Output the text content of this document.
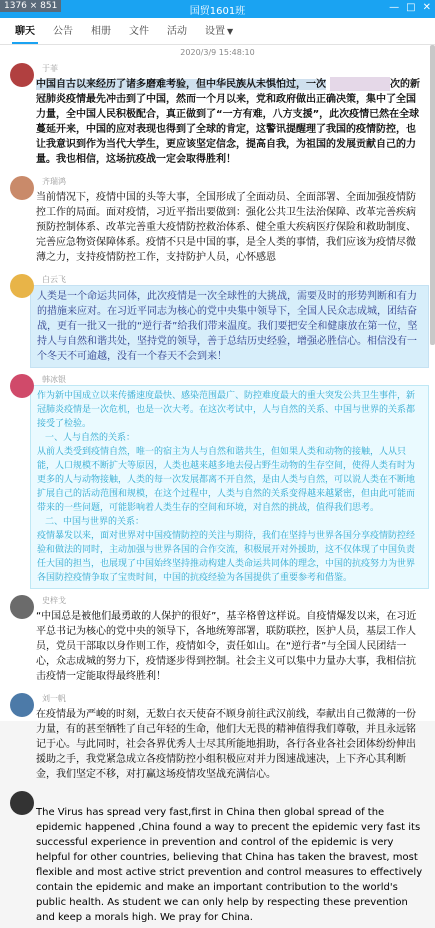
1376 × 851	国贸1601班	— □ ✕
聊天	公告	相册	文件	活动	设置 ▼
2020/3/9 15:48:10
于菲
中国自古以来经历了诸多磨难考验，但中华民族从未惧怕过，一次	次的新冠肺炎疫情最先冲击到了中国，然而一个月以来，党和政府做出正确决策，集中了全国力量，全中国人民积极配合，真正做到了“一方有难，八方支援”，此次疫情已然在全球蔓延开来，中国的应对表现也得到了全球的肯定，这警讯提醒理了我国的疫情防控，也让我意识到作为当代大学生，更应该坚定信念，提高自我，为祖国的发展贡献自己的力量。我也相信，这场抗疫战一定会取得胜利！
齐瑞鸿
当前情况下，疫情中国的头等大事，全国形成了全面动员、全面部署、全面加强疫情防控工作的局面。面对疫情，习近平指出要做到：强化公共卫生法治保障、改革完善疾病预防控制体系、改革完善重大疫情防控救治体系、健全重大疾病医疗保险和救助制度、完善应急物资保障体系。疫情不只是中国的事，是全人类的事情，我们应该为疫情尽微薄之力，支持疫情防控工作，支持防护人员，心怀感恩
白云飞
人类是一个命运共同体，此次疫情是一次全球性的大挑战，需要及时的形势判断和有力的措施来应对。在习近平同志为核心的党中央集中领导下，全国人民众志成城，团结奋战，更有一批又一批的“逆行者”给我们带来温度。我们要把安全和健康放在第一位，坚持人与自然和谐共处，坚持党的领导，善于总结历史经验，增强必胜信心。相信没有一个冬天不可逾越，没有一个春天不会到来！
韩冰银
作为新中国成立以来传播速度最快、感染范围最广、防控难度最大的重大突发公共卫生事件，新冠肺炎疫情是一次危机，也是一次大考。在这次考试中，人与自然的关系、中国与世界的关系都接受了检验。
一、人与自然的关系：
从前人类受到疫情自然，唯一的宿主为人与自然和谐共生，但如果人类和动物的接触，人从只能，人口规模不断扩大等原因，人类也越来越多地去侵占野生动物的生存空间，使得人类有时为更多的人与动物接触，人类的每一次发展都离不开自然，是由人类与自然，可以说人类在不断地扩展自己的活动范围和规模，在这个过程中，人类与自然的关系变得越来越紧密，但由此可能而带来的一些问题，可能影响着人类生存的空间和环境，对自然的挑战，值得我们思考。
二、中国与世界的关系：
疫情暴发以来，面对世界对中国疫情防控的关注与期待，我们在坚持与世界各国分享疫情防控经验和做法的同时，主动加强与世界各国的合作交流，积极展开对外援助，这不仅体现了中国负责任大国的担当，也展现了中国始终坚持推动构建人类命运共同体的理念，中国的抗疫努力为世界各国防控疫情争取了宝贵时间，中国的抗疫经验为各国提供了重要参考和借鉴。
史梓戈
“中国总是被他们最勇敢的人保护的很好”，基辛格曾这样说。自疫情爆发以来，在习近平总书记为核心的党中央的领导下，各地统筹部署，联防联控，医护人员，基层工作人员，党员干部取以身作则工作，疫情如令，责任如山。在“逆行者”与全国人民团结一心，众志成城的努力下，疫情逐步得到控制。社会主义可以集中力量办大事，我相信抗击疫情一定能取得最终胜利！
刘一帆
在疫情最为严峻的时刻，无数白衣天使奋不顾身前往武汉前线，奉献出自己微薄的一份力量，有的甚至牺牲了自己年轻的生命，他们大无畏的精神值得我们尊敬，并且永远铭记于心。与此同时，社会各界优秀人士尽其所能地捐助，各行各业各社会团体纷纷伸出援助之手，我党紧急成立各疫情防控小组积极应对并力图速战速决，上下齐心其利断金，我们坚定不移，对打赢这场疫情攻坚战充满信心。
The Virus has spread very fast,first in China then global spread of the epidemic happened ,China found a way to precent the epidemic very fast its successful experience in prevention and control of the epidemic is very helpful for other countries, believing that China has taken the bravest, most flexible and most active strict prevention and control measures to effectively contain the epidemic and make an important contribution to the world's public health. As student we can only help by respecting these prevention and keep a morals high. We pray for China.
